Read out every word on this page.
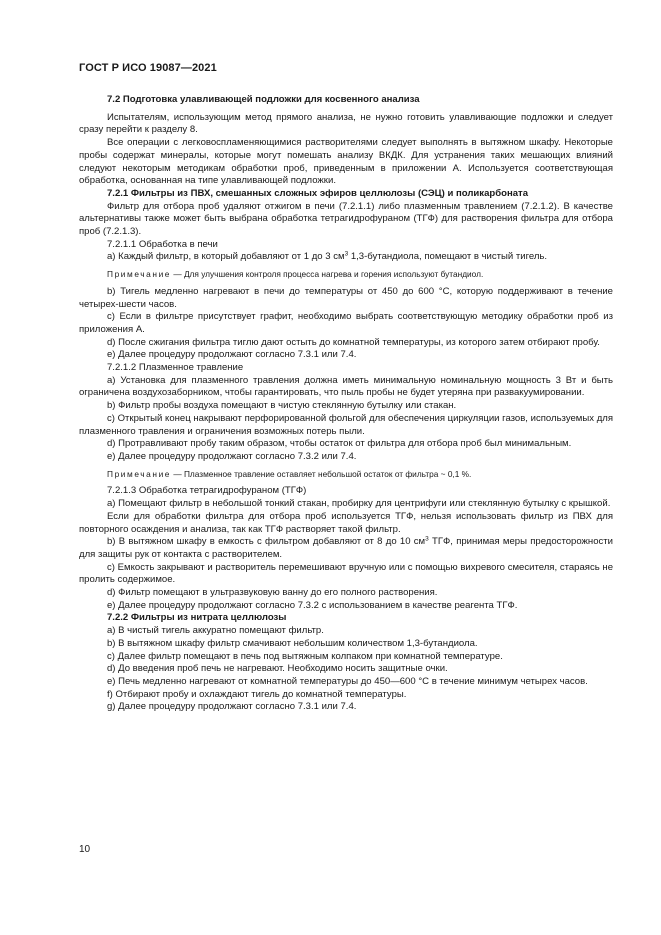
ГОСТ Р ИСО 19087—2021

7.2 Подготовка улавливающей подложки для косвенного анализа

Испытателям, использующим метод прямого анализа, не нужно готовить улавливающие подложки и следует сразу перейти к разделу 8.

Все операции с легковоспламеняющимися растворителями следует выполнять в вытяжном шкафу. Некоторые пробы содержат минералы, которые могут помешать анализу ВКДК. Для устранения таких мешающих влияний следуют некоторым методикам обработки проб, приведенным в приложении А. Используется соответствующая обработка, основанная на типе улавливающей подложки.

7.2.1 Фильтры из ПВХ, смешанных сложных эфиров целлюлозы (СЭЦ) и поликарбоната

Фильтр для отбора проб удаляют отжигом в печи (7.2.1.1) либо плазменным травлением (7.2.1.2). В качестве альтернативы также может быть выбрана обработка тетрагидрофураном (ТГФ) для растворения фильтра для отбора проб (7.2.1.3).

7.2.1.1 Обработка в печи

a) Каждый фильтр, в который добавляют от 1 до 3 $см^3$ 1,3-бутандиола, помещают в чистый тигель.

Примечание — Для улучшения контроля процесса нагрева и горения используют бутандиол.

b) Тигель медленно нагревают в печи до температуры от 450 до 600 °C, которую поддерживают в течение четырех-шести часов.

c) Если в фильтре присутствует графит, необходимо выбрать соответствующую методику обработки проб из приложения А.

d) После сжигания фильтра тиглю дают остыть до комнатной температуры, из которого затем отбирают пробу.

e) Далее процедуру продолжают согласно 7.3.1 или 7.4.

7.2.1.2 Плазменное травление

a) Установка для плазменного травления должна иметь минимальную номинальную мощность 3 Вт и быть ограничена воздухозаборником, чтобы гарантировать, что пыль пробы не будет утеряна при развакуумировании.

b) Фильтр пробы воздуха помещают в чистую стеклянную бутылку или стакан.

c) Открытый конец накрывают перфорированной фольгой для обеспечения циркуляции газов, используемых для плазменного травления и ограничения возможных потерь пыли.

d) Протравливают пробу таким образом, чтобы остаток от фильтра для отбора проб был минимальным.

e) Далее процедуру продолжают согласно 7.3.2 или 7.4.

Примечание — Плазменное травление оставляет небольшой остаток от фильтра ~ 0,1 %.

7.2.1.3 Обработка тетрагидрофураном (ТГФ)

a) Помещают фильтр в небольшой тонкий стакан, пробирку для центрифуги или стеклянную бутылку с крышкой.

Если для обработки фильтра для отбора проб используется ТГФ, нельзя использовать фильтр из ПВХ для повторного осаждения и анализа, так как ТГФ растворяет такой фильтр.

b) В вытяжном шкафу в емкость с фильтром добавляют от 8 до 10 $см^3$ ТГФ, принимая меры предосторожности для защиты рук от контакта с растворителем.

c) Емкость закрывают и растворитель перемешивают вручную или с помощью вихревого смесителя, стараясь не пролить содержимое.

d) Фильтр помещают в ультразвуковую ванну до его полного растворения.

e) Далее процедуру продолжают согласно 7.3.2 с использованием в качестве реагента ТГФ.

7.2.2 Фильтры из нитрата целлюлозы

a) В чистый тигель аккуратно помещают фильтр.

b) В вытяжном шкафу фильтр смачивают небольшим количеством 1,3-бутандиола.

c) Далее фильтр помещают в печь под вытяжным колпаком при комнатной температуре.

d) До введения проб печь не нагревают. Необходимо носить защитные очки.

e) Печь медленно нагревают от комнатной температуры до 450—600 °C в течение минимум четырех часов.

f) Отбирают пробу и охлаждают тигель до комнатной температуры.

g) Далее процедуру продолжают согласно 7.3.1 или 7.4.

10
